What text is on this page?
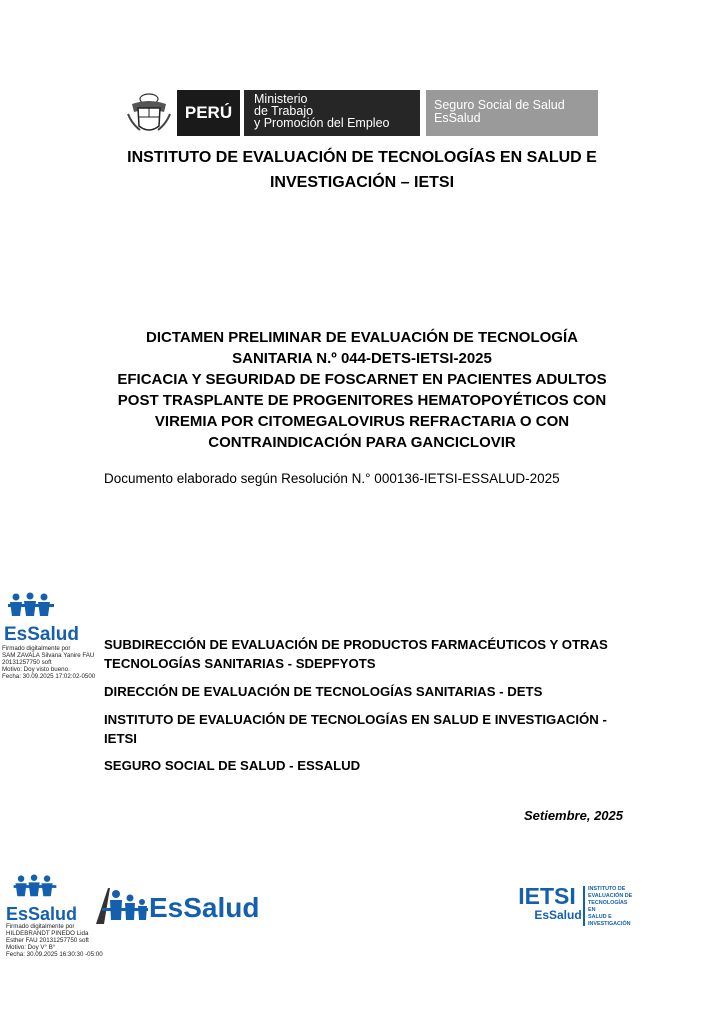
PERÚ
Ministerio
de Trabajo
y Promoción del Empleo
Seguro Social de Salud
EsSalud
INSTITUTO DE EVALUACIÓN DE TECNOLOGÍAS EN SALUD E
INVESTIGACIÓN – IETSI
DICTAMEN PRELIMINAR DE EVALUACIÓN DE TECNOLOGÍA
SANITARIA N.º 044-DETS-IETSI-2025
EFICACIA Y SEGURIDAD DE FOSCARNET EN PACIENTES ADULTOS
POST TRASPLANTE DE PROGENITORES HEMATOPOYÉTICOS CON
VIREMIA POR CITOMEGALOVIRUS REFRACTARIA O CON
CONTRAINDICACIÓN PARA GANCICLOVIR
Documento elaborado según Resolución N.° 000136-IETSI-ESSALUD-2025
EsSalud
Firmado digitalmente por
SAM ZAVALA Silvana Yanire FAU
20131257750 soft
Motivo: Doy visto bueno.
Fecha: 30.09.2025 17:02:02-0500
SUBDIRECCIÓN DE EVALUACIÓN DE PRODUCTOS FARMACÉUTICOS Y OTRAS
TECNOLOGÍAS SANITARIAS - SDEPFYOTS
DIRECCIÓN DE EVALUACIÓN DE TECNOLOGÍAS SANITARIAS - DETS
INSTITUTO DE EVALUACIÓN DE TECNOLOGÍAS EN SALUD E INVESTIGACIÓN -
IETSI
SEGURO SOCIAL DE SALUD - ESSALUD
Setiembre, 2025
EsSalud
Firmado digitalmente por
HILDEBRANDT PINEDO Lida
Esther FAU 20131257750 soft
Motivo: Doy V° B°
Fecha: 30.09.2025 16:30:30 -05:00
EsSalud	IETSI
EsSalud
INSTITUTO DE
EVALUACIÓN DE
TECNOLOGÍAS EN
SALUD E
INVESTIGACIÓN
